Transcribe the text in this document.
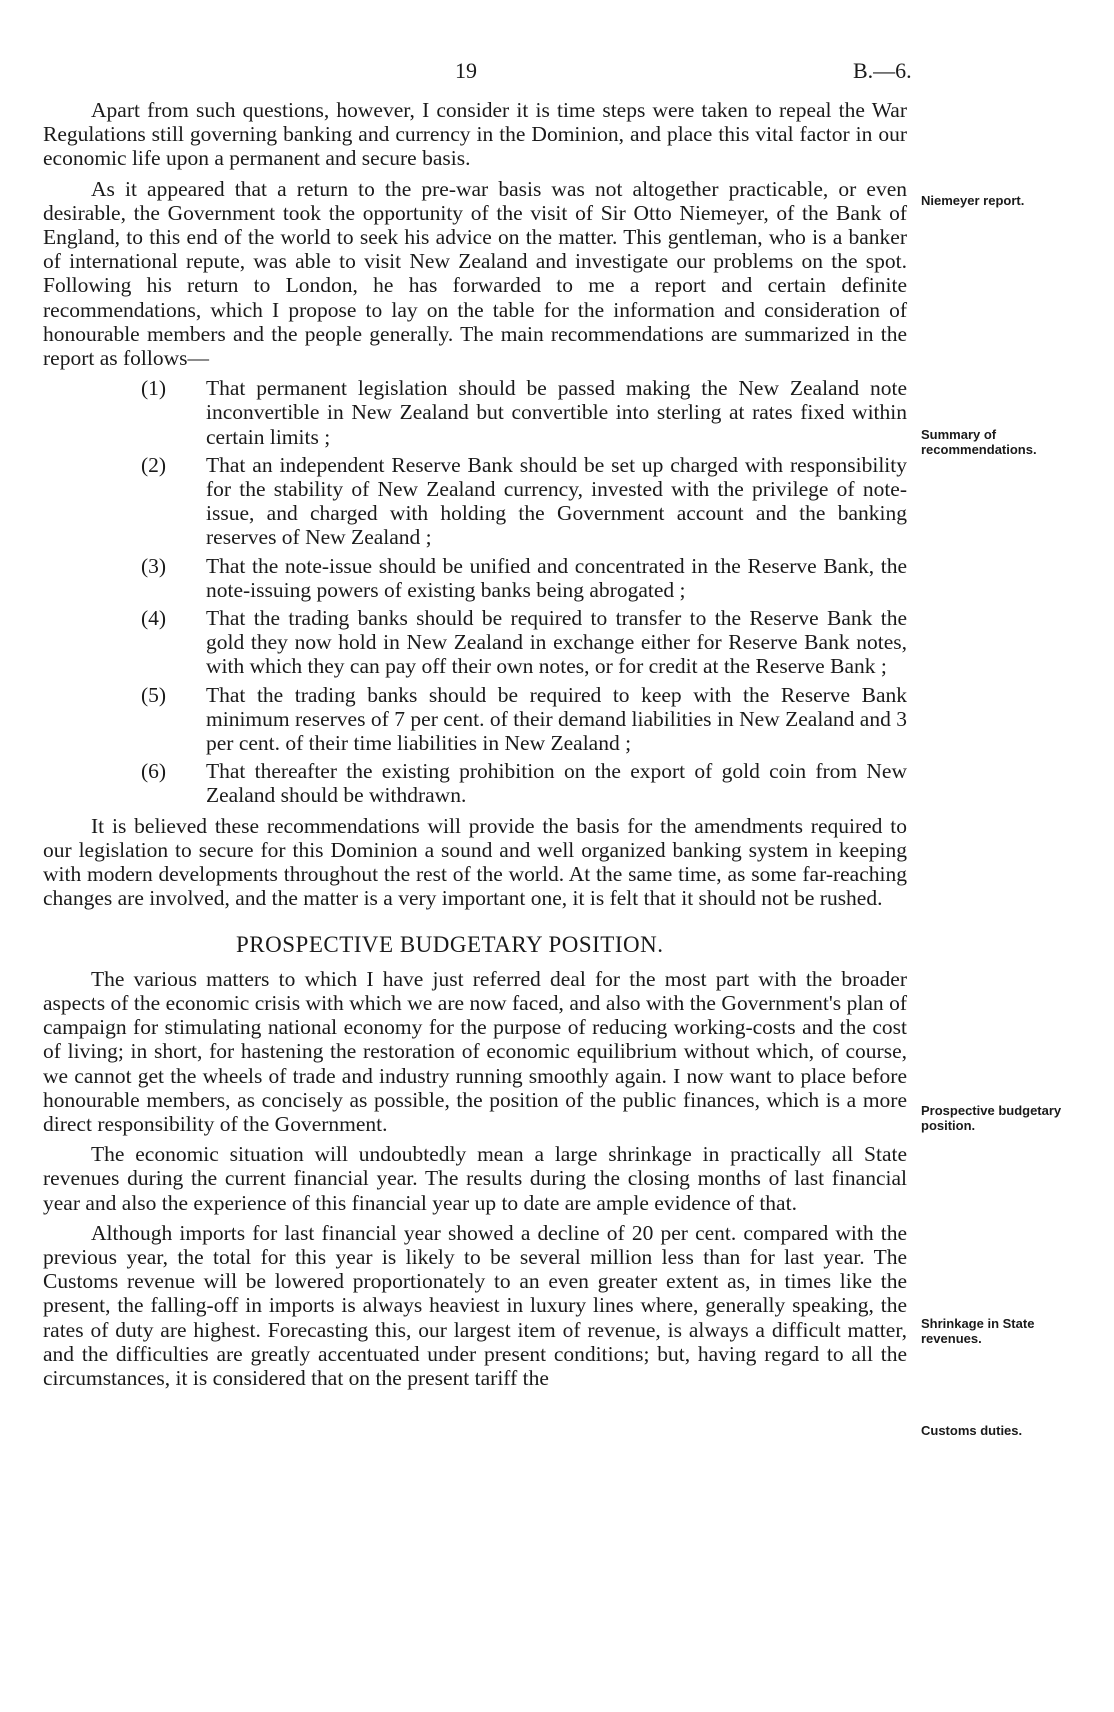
19	B.—6.

Apart from such questions, however, I consider it is time steps were taken to repeal the War Regulations still governing banking and currency in the Dominion, and place this vital factor in our economic life upon a permanent and secure basis.

As it appeared that a return to the pre-war basis was not altogether practicable, or even desirable, the Government took the opportunity of the visit of Sir Otto Niemeyer, of the Bank of England, to this end of the world to seek his advice on the matter. This gentleman, who is a banker of international repute, was able to visit New Zealand and investigate our problems on the spot. Following his return to London, he has forwarded to me a report and certain definite recommendations, which I propose to lay on the table for the information and consideration of honourable members and the people generally. The main recommendations are summarized in the report as follows—

(1) That permanent legislation should be passed making the New Zealand note inconvertible in New Zealand but convertible into sterling at rates fixed within certain limits ;
(2) That an independent Reserve Bank should be set up charged with responsibility for the stability of New Zealand currency, invested with the privilege of note-issue, and charged with holding the Government account and the banking reserves of New Zealand ;
(3) That the note-issue should be unified and concentrated in the Reserve Bank, the note-issuing powers of existing banks being abrogated ;
(4) That the trading banks should be required to transfer to the Reserve Bank the gold they now hold in New Zealand in exchange either for Reserve Bank notes, with which they can pay off their own notes, or for credit at the Reserve Bank ;
(5) That the trading banks should be required to keep with the Reserve Bank minimum reserves of 7 per cent. of their demand liabilities in New Zealand and 3 per cent. of their time liabilities in New Zealand ;
(6) That thereafter the existing prohibition on the export of gold coin from New Zealand should be withdrawn.

It is believed these recommendations will provide the basis for the amendments required to our legislation to secure for this Dominion a sound and well organized banking system in keeping with modern developments throughout the rest of the world. At the same time, as some far-reaching changes are involved, and the matter is a very important one, it is felt that it should not be rushed.

PROSPECTIVE BUDGETARY POSITION.

The various matters to which I have just referred deal for the most part with the broader aspects of the economic crisis with which we are now faced, and also with the Government's plan of campaign for stimulating national economy for the purpose of reducing working-costs and the cost of living; in short, for hastening the restoration of economic equilibrium without which, of course, we cannot get the wheels of trade and industry running smoothly again. I now want to place before honourable members, as concisely as possible, the position of the public finances, which is a more direct responsibility of the Government.

The economic situation will undoubtedly mean a large shrinkage in practically all State revenues during the current financial year. The results during the closing months of last financial year and also the experience of this financial year up to date are ample evidence of that.

Although imports for last financial year showed a decline of 20 per cent. compared with the previous year, the total for this year is likely to be several million less than for last year. The Customs revenue will be lowered proportionately to an even greater extent as, in times like the present, the falling-off in imports is always heaviest in luxury lines where, generally speaking, the rates of duty are highest. Forecasting this, our largest item of revenue, is always a difficult matter, and the difficulties are greatly accentuated under present conditions; but, having regard to all the circumstances, it is considered that on the present tariff the

Niemeyer report.
Summary of recommendations.
Prospective budgetary position.
Shrinkage in State revenues.
Customs duties.
